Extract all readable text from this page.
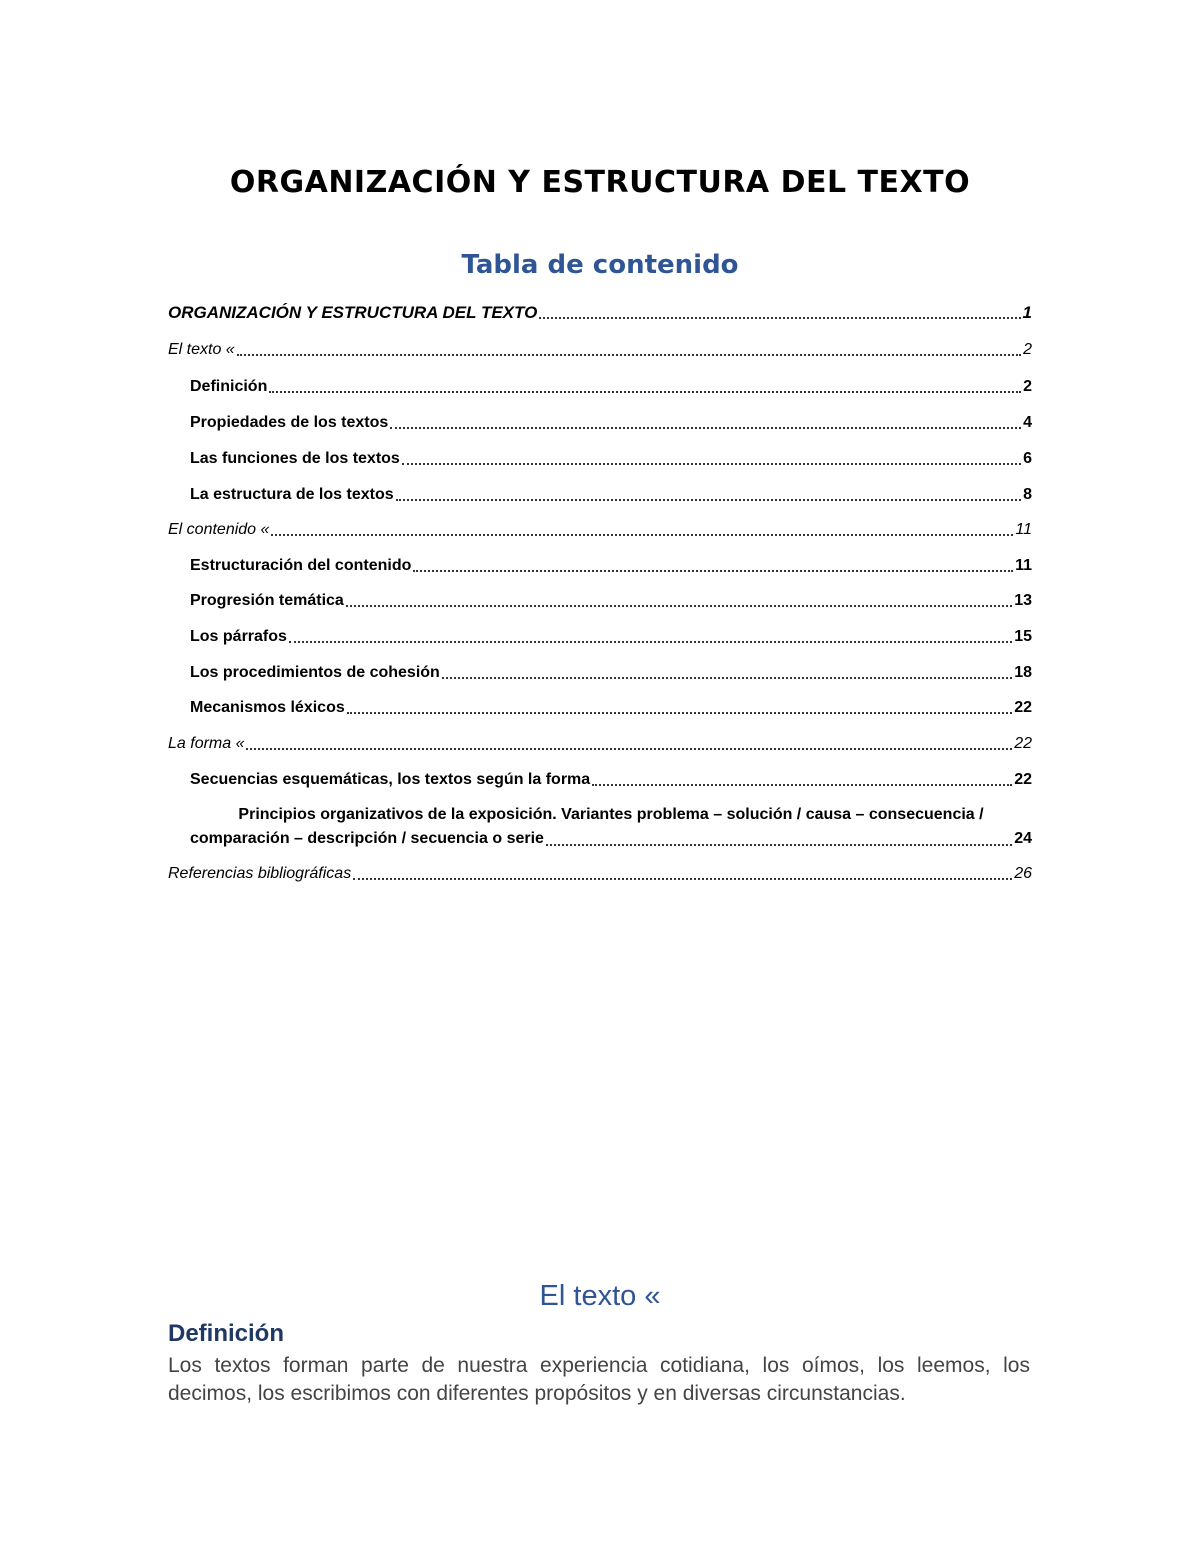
ORGANIZACIÓN Y ESTRUCTURA DEL TEXTO
Tabla de contenido
ORGANIZACIÓN Y ESTRUCTURA DEL TEXTO	1
El texto «	2
Definición	2
Propiedades de los textos	4
Las funciones de los textos	6
La estructura de los textos	8
El contenido «	11
Estructuración del contenido	11
Progresión temática	13
Los párrafos	15
Los procedimientos de cohesión	18
Mecanismos léxicos	22
La forma «	22
Secuencias esquemáticas, los textos según la forma	22
Principios organizativos de la exposición. Variantes problema – solución / causa – consecuencia /
comparación – descripción / secuencia o serie	24
Referencias bibliográficas	26
El texto «
Definición
Los textos forman parte de nuestra experiencia cotidiana, los oímos, los leemos, los decimos, los escribimos con diferentes propósitos y en diversas circunstancias.
